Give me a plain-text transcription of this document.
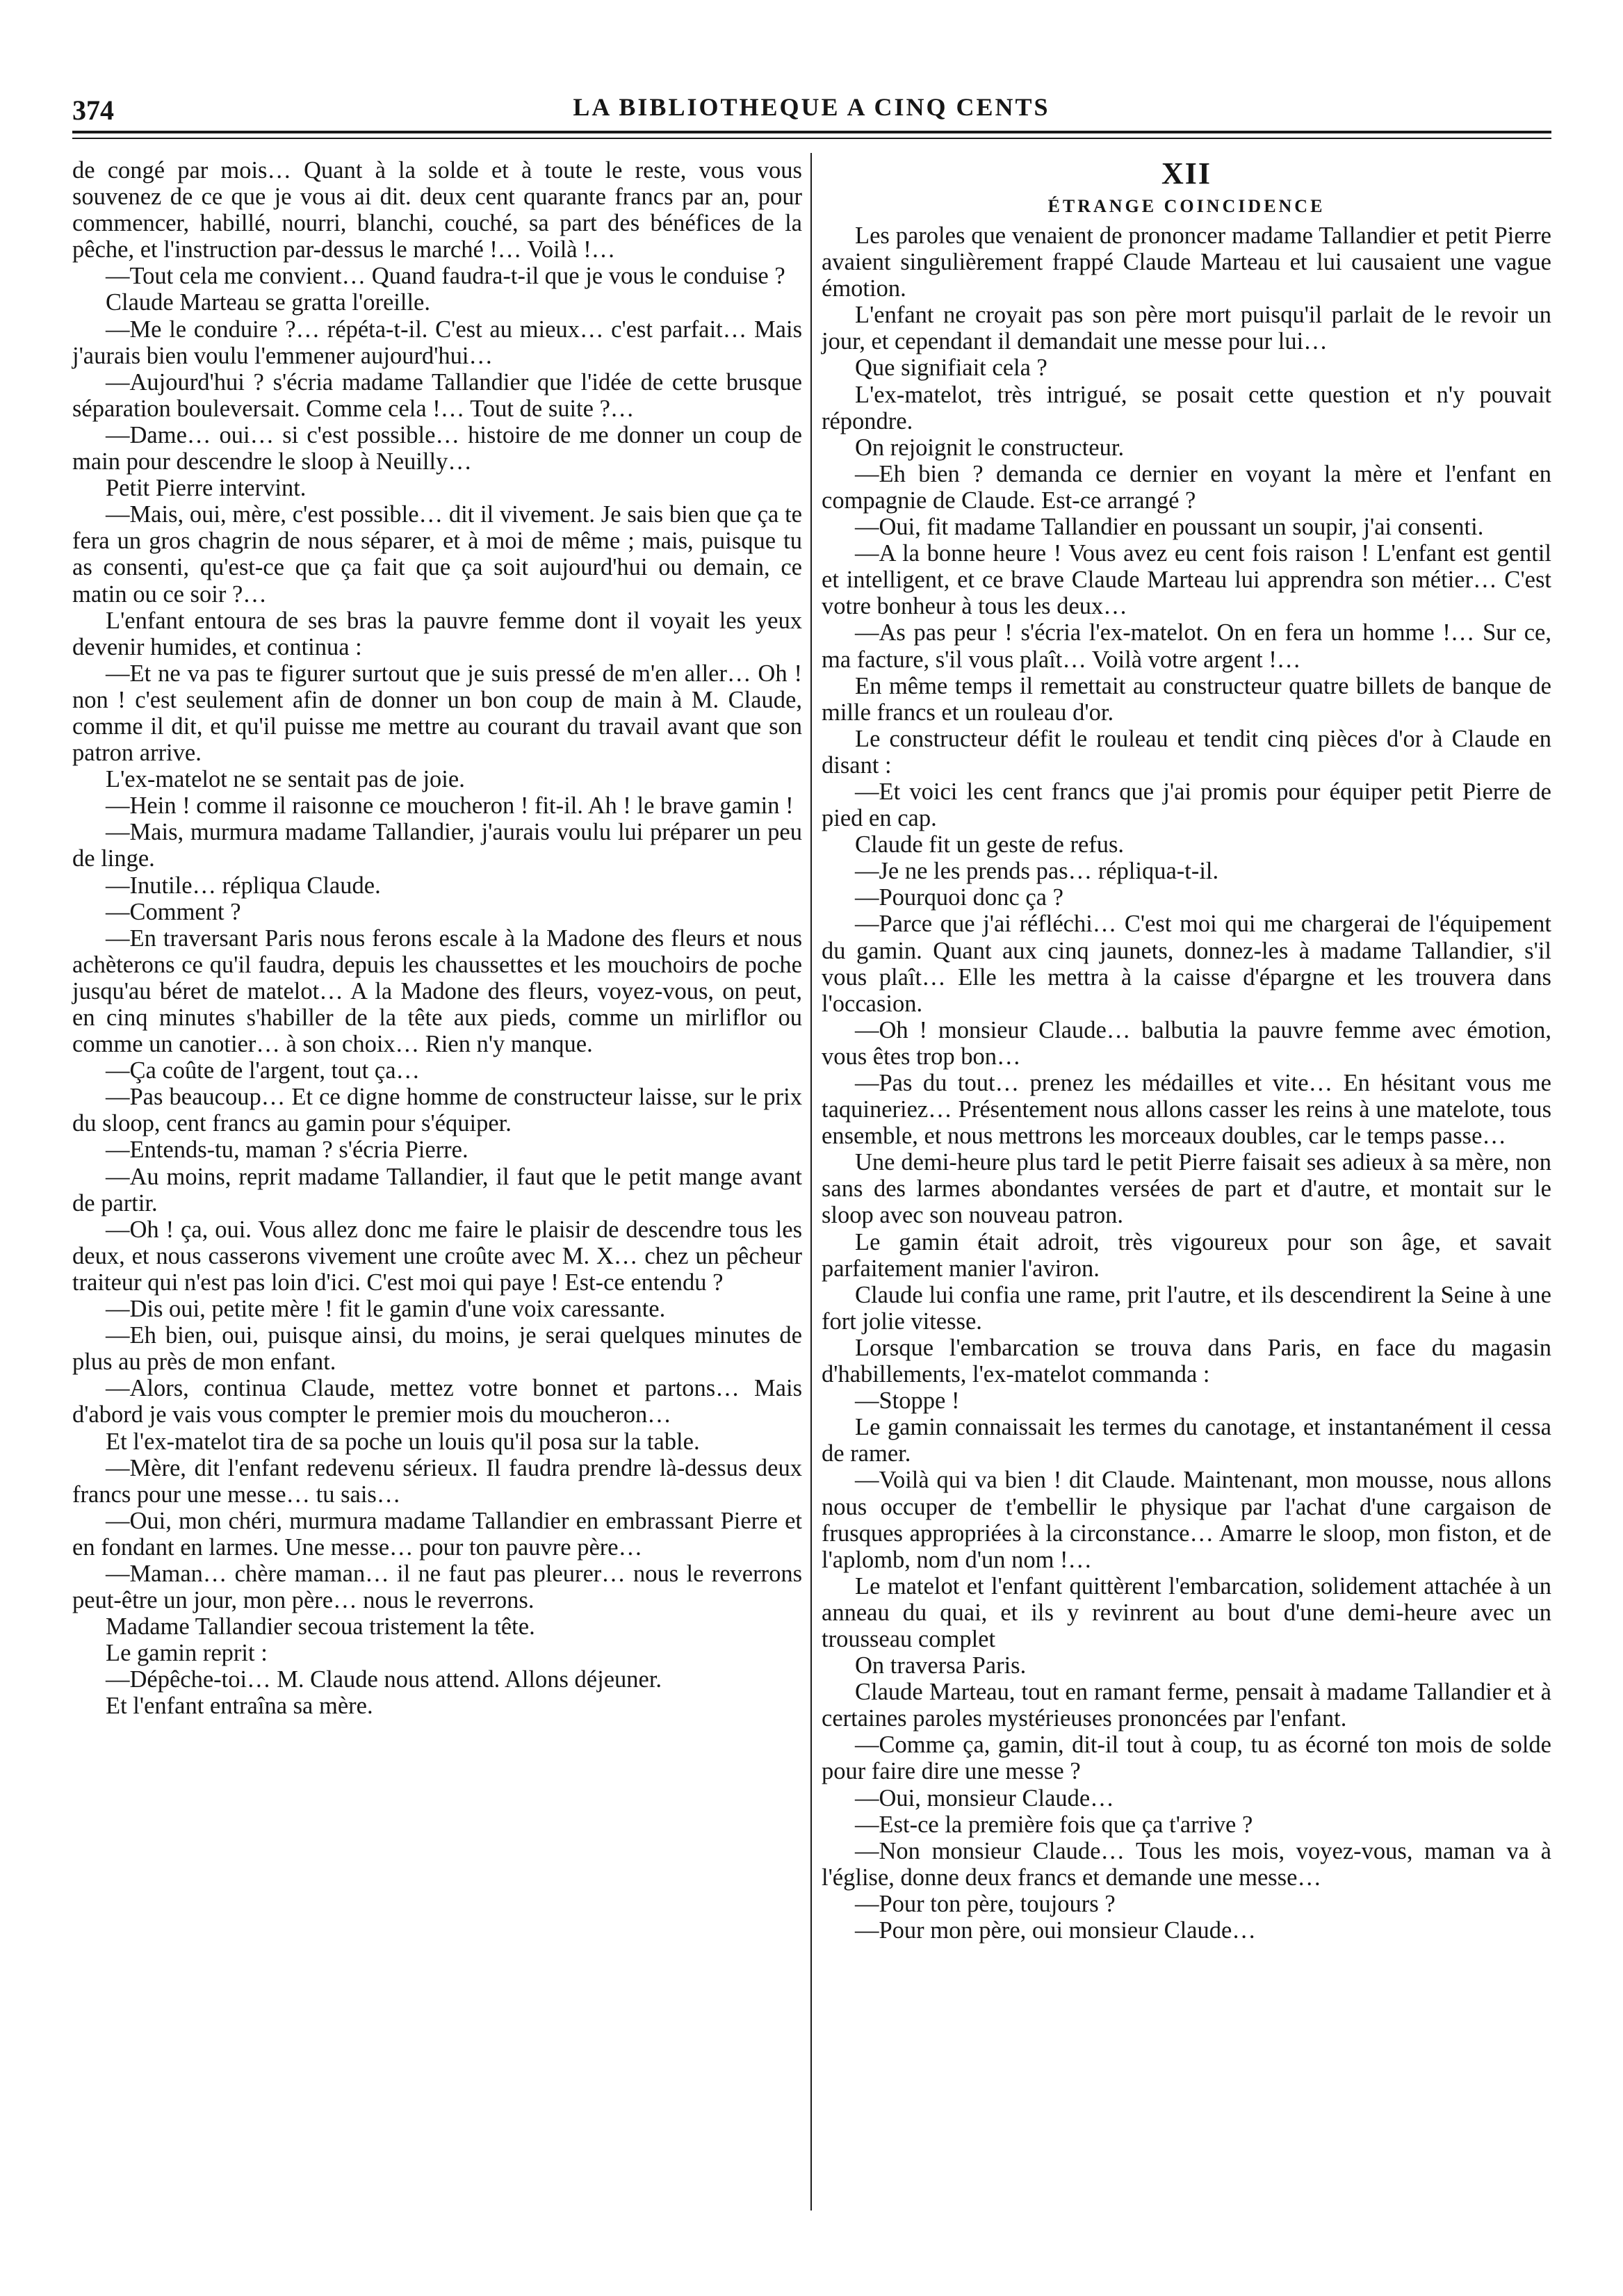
374	LA BIBLIOTHEQUE A CINQ CENTS

de congé par mois… Quant à la solde et à toute le reste, vous vous souvenez de ce que je vous ai dit. deux cent quarante francs par an, pour commencer, habillé, nourri, blanchi, couché, sa part des bénéfices de la pêche, et l'instruction par-dessus le marché !… Voilà !…

—Tout cela me convient… Quand faudra-t-il que je vous le conduise ?

Claude Marteau se gratta l'oreille.

—Me le conduire ?… répéta-t-il. C'est au mieux… c'est parfait… Mais j'aurais bien voulu l'emmener aujourd'hui…

—Aujourd'hui ? s'écria madame Tallandier que l'idée de cette brusque séparation bouleversait. Comme cela !… Tout de suite ?…

—Dame… oui… si c'est possible… histoire de me donner un coup de main pour descendre le sloop à Neuilly…

Petit Pierre intervint.

—Mais, oui, mère, c'est possible… dit il vivement. Je sais bien que ça te fera un gros chagrin de nous séparer, et à moi de même ; mais, puisque tu as consenti, qu'est-ce que ça fait que ça soit aujourd'hui ou demain, ce matin ou ce soir ?…

L'enfant entoura de ses bras la pauvre femme dont il voyait les yeux devenir humides, et continua :

—Et ne va pas te figurer surtout que je suis pressé de m'en aller… Oh ! non ! c'est seulement afin de donner un bon coup de main à M. Claude, comme il dit, et qu'il puisse me mettre au courant du travail avant que son patron arrive.

L'ex-matelot ne se sentait pas de joie.

—Hein ! comme il raisonne ce moucheron ! fit-il. Ah ! le brave gamin !

—Mais, murmura madame Tallandier, j'aurais voulu lui préparer un peu de linge.

—Inutile… répliqua Claude.

—Comment ?

—En traversant Paris nous ferons escale à la Madone des fleurs et nous achèterons ce qu'il faudra, depuis les chaussettes et les mouchoirs de poche jusqu'au béret de matelot… A la Madone des fleurs, voyez-vous, on peut, en cinq minutes s'habiller de la tête aux pieds, comme un mirliflor ou comme un canotier… à son choix… Rien n'y manque.

—Ça coûte de l'argent, tout ça…

—Pas beaucoup… Et ce digne homme de constructeur laisse, sur le prix du sloop, cent francs au gamin pour s'équiper.

—Entends-tu, maman ? s'écria Pierre.

—Au moins, reprit madame Tallandier, il faut que le petit mange avant de partir.

—Oh ! ça, oui. Vous allez donc me faire le plaisir de descendre tous les deux, et nous casserons vivement une croûte avec M. X… chez un pêcheur traiteur qui n'est pas loin d'ici. C'est moi qui paye ! Est-ce entendu ?

—Dis oui, petite mère ! fit le gamin d'une voix caressante.

—Eh bien, oui, puisque ainsi, du moins, je serai quelques minutes de plus au près de mon enfant.

—Alors, continua Claude, mettez votre bonnet et partons… Mais d'abord je vais vous compter le premier mois du moucheron…

Et l'ex-matelot tira de sa poche un louis qu'il posa sur la table.

—Mère, dit l'enfant redevenu sérieux. Il faudra prendre là-dessus deux francs pour une messe… tu sais…

—Oui, mon chéri, murmura madame Tallandier en embrassant Pierre et en fondant en larmes. Une messe… pour ton pauvre père…

—Maman… chère maman… il ne faut pas pleurer… nous le reverrons peut-être un jour, mon père… nous le reverrons.

Madame Tallandier secoua tristement la tête.

Le gamin reprit :

—Dépêche-toi… M. Claude nous attend. Allons déjeuner.

Et l'enfant entraîna sa mère.

XII
ÉTRANGE COINCIDENCE

Les paroles que venaient de prononcer madame Tallandier et petit Pierre avaient singulièrement frappé Claude Marteau et lui causaient une vague émotion.

L'enfant ne croyait pas son père mort puisqu'il parlait de le revoir un jour, et cependant il demandait une messe pour lui…

Que signifiait cela ?

L'ex-matelot, très intrigué, se posait cette question et n'y pouvait répondre.

On rejoignit le constructeur.

—Eh bien ? demanda ce dernier en voyant la mère et l'enfant en compagnie de Claude. Est-ce arrangé ?

—Oui, fit madame Tallandier en poussant un soupir, j'ai consenti.

—A la bonne heure ! Vous avez eu cent fois raison ! L'enfant est gentil et intelligent, et ce brave Claude Marteau lui apprendra son métier… C'est votre bonheur à tous les deux…

—As pas peur ! s'écria l'ex-matelot. On en fera un homme !… Sur ce, ma facture, s'il vous plaît… Voilà votre argent !…

En même temps il remettait au constructeur quatre billets de banque de mille francs et un rouleau d'or.

Le constructeur défit le rouleau et tendit cinq pièces d'or à Claude en disant :

—Et voici les cent francs que j'ai promis pour équiper petit Pierre de pied en cap.

Claude fit un geste de refus.

—Je ne les prends pas… répliqua-t-il.

—Pourquoi donc ça ?

—Parce que j'ai réfléchi… C'est moi qui me chargerai de l'équipement du gamin. Quant aux cinq jaunets, donnez-les à madame Tallandier, s'il vous plaît… Elle les mettra à la caisse d'épargne et les trouvera dans l'occasion.

—Oh ! monsieur Claude… balbutia la pauvre femme avec émotion, vous êtes trop bon…

—Pas du tout… prenez les médailles et vite… En hésitant vous me taquineriez… Présentement nous allons casser les reins à une matelote, tous ensemble, et nous mettrons les morceaux doubles, car le temps passe…

Une demi-heure plus tard le petit Pierre faisait ses adieux à sa mère, non sans des larmes abondantes versées de part et d'autre, et montait sur le sloop avec son nouveau patron.

Le gamin était adroit, très vigoureux pour son âge, et savait parfaitement manier l'aviron.

Claude lui confia une rame, prit l'autre, et ils descendirent la Seine à une fort jolie vitesse.

Lorsque l'embarcation se trouva dans Paris, en face du magasin d'habillements, l'ex-matelot commanda :

—Stoppe !

Le gamin connaissait les termes du canotage, et instantanément il cessa de ramer.

—Voilà qui va bien ! dit Claude. Maintenant, mon mousse, nous allons nous occuper de t'embellir le physique par l'achat d'une cargaison de frusques appropriées à la circonstance… Amarre le sloop, mon fiston, et de l'aplomb, nom d'un nom !…

Le matelot et l'enfant quittèrent l'embarcation, solidement attachée à un anneau du quai, et ils y revinrent au bout d'une demi-heure avec un trousseau complet

On traversa Paris.

Claude Marteau, tout en ramant ferme, pensait à madame Tallandier et à certaines paroles mystérieuses prononcées par l'enfant.

—Comme ça, gamin, dit-il tout à coup, tu as écorné ton mois de solde pour faire dire une messe ?

—Oui, monsieur Claude…

—Est-ce la première fois que ça t'arrive ?

—Non monsieur Claude… Tous les mois, voyez-vous, maman va à l'église, donne deux francs et demande une messe…

—Pour ton père, toujours ?

—Pour mon père, oui monsieur Claude…
